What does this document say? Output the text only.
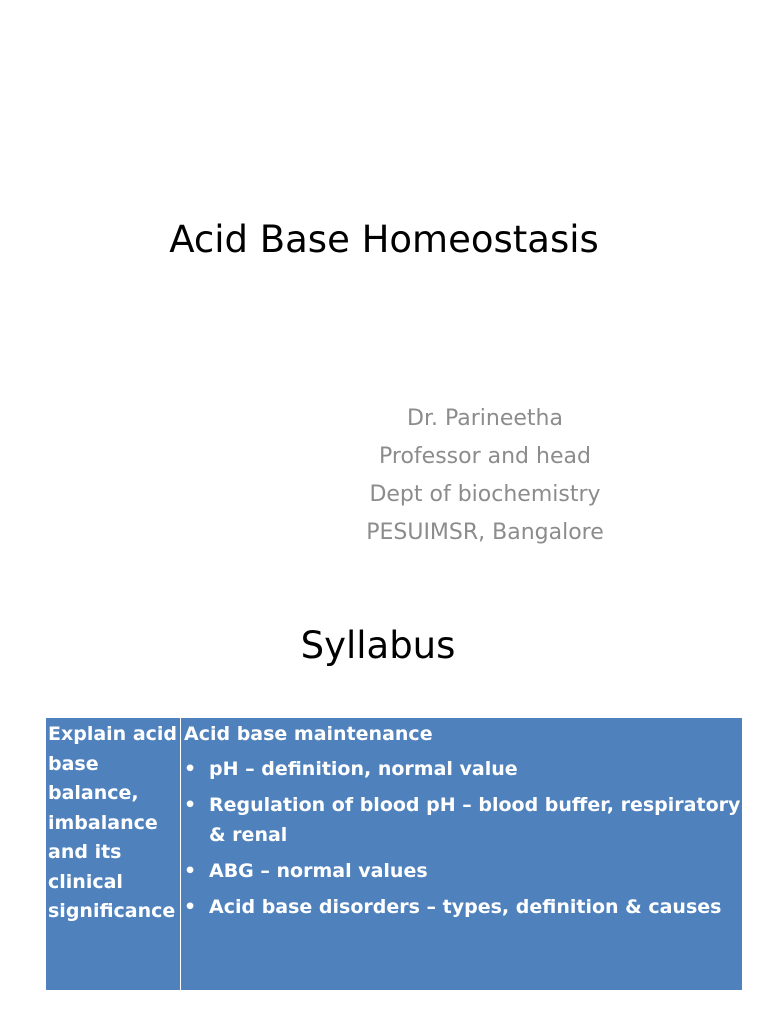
Acid Base Homeostasis
Dr. Parineetha
Professor and head
Dept of biochemistry
PESUIMSR, Bangalore
Syllabus
Explain acid
base
balance,
imbalance
and its
clinical
significance
Acid base maintenance
• pH – definition, normal value
• Regulation of blood pH – blood buffer, respiratory & renal
• ABG – normal values
• Acid base disorders – types, definition & causes
